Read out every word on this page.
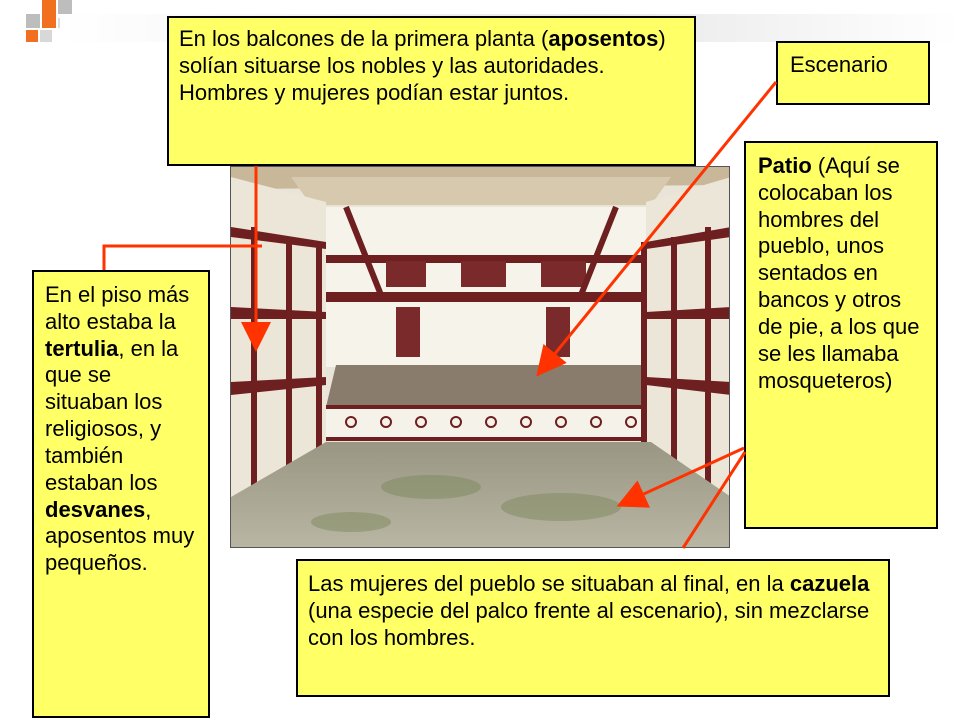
En los balcones de la primera planta (aposentos) solían situarse los nobles y las autoridades. Hombres y mujeres podían estar juntos.
Escenario
Patio (Aquí se colocaban los hombres del pueblo, unos sentados en bancos y otros de pie, a los que se les llamaba mosqueteros)
En el piso más alto estaba la tertulia, en la que se situaban los religiosos, y también estaban los desvanes, aposentos muy pequeños.
Las mujeres del pueblo se situaban al final, en la cazuela (una especie del palco frente al escenario), sin mezclarse con los hombres.
